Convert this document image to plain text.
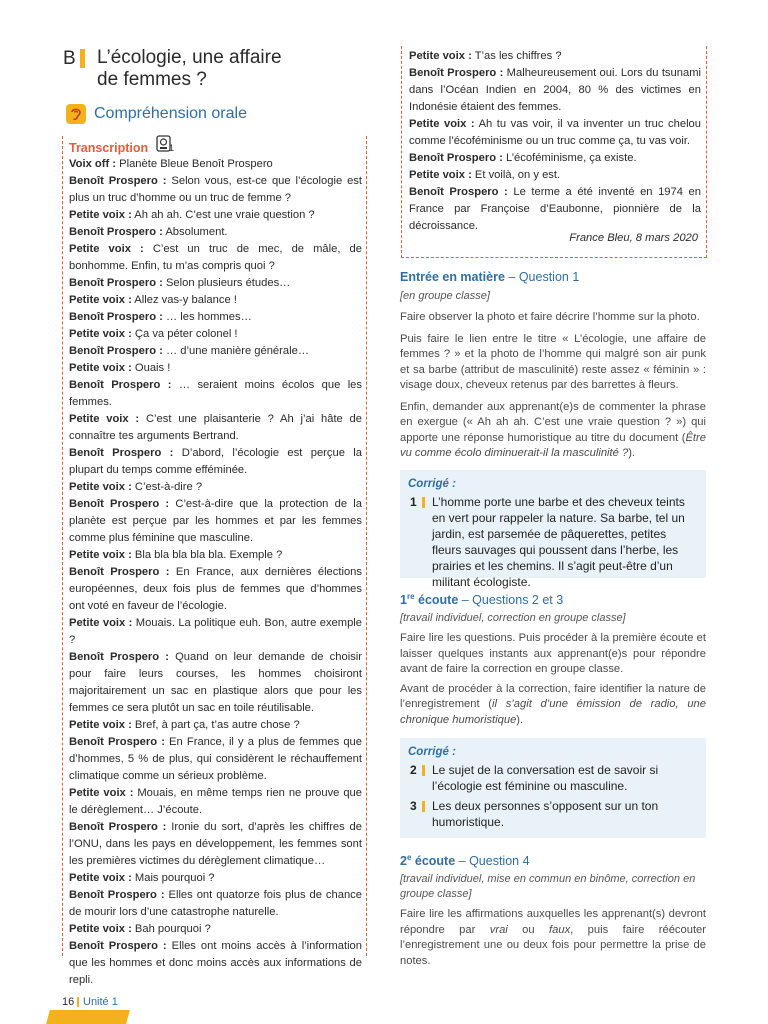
B L’écologie, une affaire
de femmes ?
Compréhension orale
Transcription 1
Voix off : Planète Bleue Benoît Prospero
Benoît Prospero : Selon vous, est-ce que l’écologie est plus un truc d’homme ou un truc de femme ?
Petite voix : Ah ah ah. C’est une vraie question ?
Benoît Prospero : Absolument.
Petite voix : C’est un truc de mec, de mâle, de bonhomme. Enfin, tu m’as compris quoi ?
Benoît Prospero : Selon plusieurs études…
Petite voix : Allez vas-y balance !
Benoît Prospero : … les hommes…
Petite voix : Ça va péter colonel !
Benoît Prospero : … d’une manière générale…
Petite voix : Ouais !
Benoît Prospero : … seraient moins écolos que les femmes.
Petite voix : C’est une plaisanterie ? Ah j’ai hâte de connaître tes arguments Bertrand.
Benoît Prospero : D’abord, l’écologie est perçue la plupart du temps comme efféminée.
Petite voix : C’est-à-dire ?
Benoît Prospero : C’est-à-dire que la protection de la planète est perçue par les hommes et par les femmes comme plus féminine que masculine.
Petite voix : Bla bla bla bla bla. Exemple ?
Benoît Prospero : En France, aux dernières élections européennes, deux fois plus de femmes que d’hommes ont voté en faveur de l’écologie.
Petite voix : Mouais. La politique euh. Bon, autre exemple ?
Benoît Prospero : Quand on leur demande de choisir pour faire leurs courses, les hommes choisiront majoritairement un sac en plastique alors que pour les femmes ce sera plutôt un sac en toile réutilisable.
Petite voix : Bref, à part ça, t’as autre chose ?
Benoît Prospero : En France, il y a plus de femmes que d’hommes, 5 % de plus, qui considèrent le réchauffement climatique comme un sérieux problème.
Petite voix : Mouais, en même temps rien ne prouve que le dérèglement… J’écoute.
Benoît Prospero : Ironie du sort, d’après les chiffres de l’ONU, dans les pays en développement, les femmes sont les premières victimes du dérèglement climatique…
Petite voix : Mais pourquoi ?
Benoît Prospero : Elles ont quatorze fois plus de chance de mourir lors d’une catastrophe naturelle.
Petite voix : Bah pourquoi ?
Benoît Prospero : Elles ont moins accès à l’information que les hommes et donc moins accès aux informations de repli.
Petite voix : T’as les chiffres ?
Benoît Prospero : Malheureusement oui. Lors du tsunami dans l’Océan Indien en 2004, 80 % des victimes en Indonésie étaient des femmes.
Petite voix : Ah tu vas voir, il va inventer un truc chelou comme l’écoféminisme ou un truc comme ça, tu vas voir.
Benoît Prospero : L’écoféminisme, ça existe.
Petite voix : Et voilà, on y est.
Benoît Prospero : Le terme a été inventé en 1974 en France par Françoise d’Eaubonne, pionnière de la décroissance.
France Bleu, 8 mars 2020
Entrée en matière – Question 1
[en groupe classe]
Faire observer la photo et faire décrire l’homme sur la photo.
Puis faire le lien entre le titre « L’écologie, une affaire de femmes ? » et la photo de l’homme qui malgré son air punk et sa barbe (attribut de masculinité) reste assez « féminin » : visage doux, cheveux retenus par des barrettes à fleurs.
Enfin, demander aux apprenant(e)s de commenter la phrase en exergue (« Ah ah ah. C’est une vraie question ? ») qui apporte une réponse humoristique au titre du document (Être vu comme écolo diminuerait-il la masculinité ?).
Corrigé :
1 L’homme porte une barbe et des cheveux teints en vert pour rappeler la nature. Sa barbe, tel un jardin, est parsemée de pâquerettes, petites fleurs sauvages qui poussent dans l’herbe, les prairies et les chemins. Il s’agit peut-être d’un militant écologiste.
1re écoute – Questions 2 et 3
[travail individuel, correction en groupe classe]
Faire lire les questions. Puis procéder à la première écoute et laisser quelques instants aux apprenant(e)s pour répondre avant de faire la correction en groupe classe.
Avant de procéder à la correction, faire identifier la nature de l’enregistrement (il s’agit d’une émission de radio, une chronique humoristique).
Corrigé :
2 Le sujet de la conversation est de savoir si l’écologie est féminine ou masculine.
3 Les deux personnes s’opposent sur un ton humoristique.
2e écoute – Question 4
[travail individuel, mise en commun en binôme, correction en groupe classe]
Faire lire les affirmations auxquelles les apprenant(s) devront répondre par vrai ou faux, puis faire réécouter l’enregistrement une ou deux fois pour permettre la prise de notes.
16 Unité 1
